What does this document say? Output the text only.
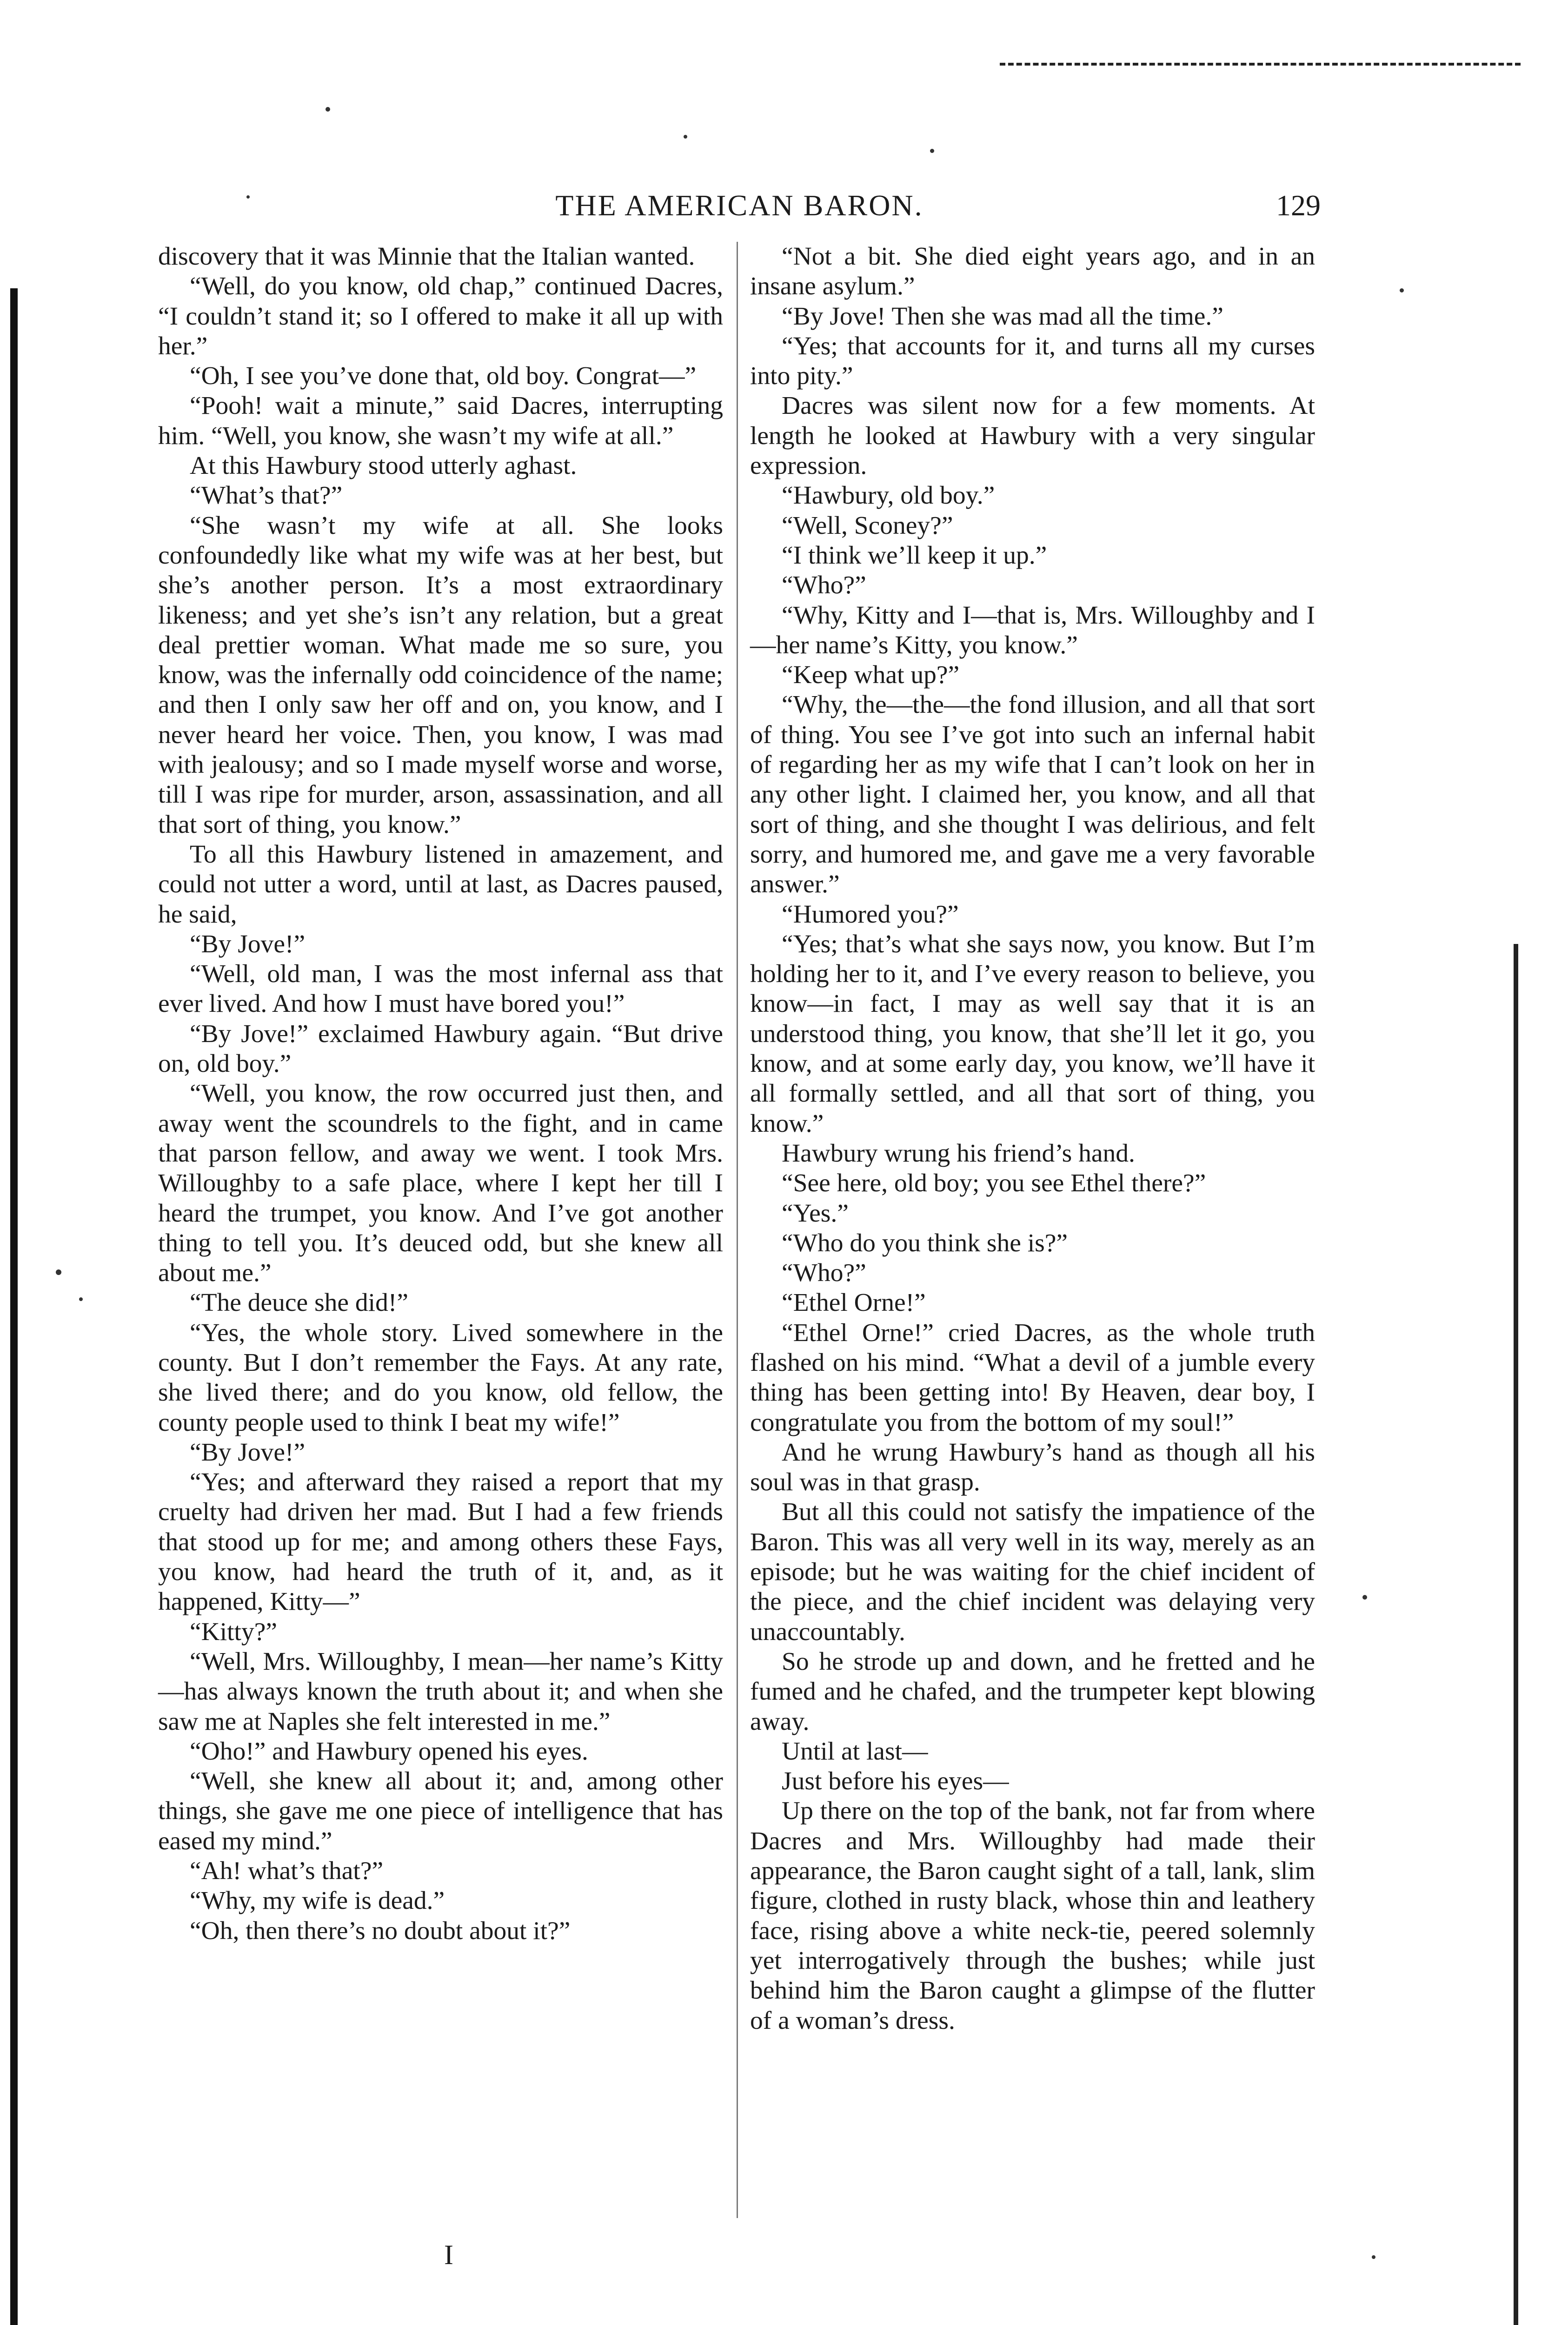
THE AMERICAN BARON.	129

discovery that it was Minnie that the Italian wanted.

“Well, do you know, old chap,” continued Dacres, “I couldn’t stand it; so I offered to make it all up with her.”

“Oh, I see you’ve done that, old boy. Congrat—”

“Pooh! wait a minute,” said Dacres, interrupting him. “Well, you know, she wasn’t my wife at all.”

At this Hawbury stood utterly aghast.

“What’s that?”

“She wasn’t my wife at all. She looks confoundedly like what my wife was at her best, but she’s another person. It’s a most extraordinary likeness; and yet she’s isn’t any relation, but a great deal prettier woman. What made me so sure, you know, was the infernally odd coincidence of the name; and then I only saw her off and on, you know, and I never heard her voice. Then, you know, I was mad with jealousy; and so I made myself worse and worse, till I was ripe for murder, arson, assassination, and all that sort of thing, you know.”

To all this Hawbury listened in amazement, and could not utter a word, until at last, as Dacres paused, he said,

“By Jove!”

“Well, old man, I was the most infernal ass that ever lived. And how I must have bored you!”

“By Jove!” exclaimed Hawbury again. “But drive on, old boy.”

“Well, you know, the row occurred just then, and away went the scoundrels to the fight, and in came that parson fellow, and away we went. I took Mrs. Willoughby to a safe place, where I kept her till I heard the trumpet, you know. And I’ve got another thing to tell you. It’s deuced odd, but she knew all about me.”

“The deuce she did!”

“Yes, the whole story. Lived somewhere in the county. But I don’t remember the Fays. At any rate, she lived there; and do you know, old fellow, the county people used to think I beat my wife!”

“By Jove!”

“Yes; and afterward they raised a report that my cruelty had driven her mad. But I had a few friends that stood up for me; and among others these Fays, you know, had heard the truth of it, and, as it happened, Kitty—”

“Kitty?”

“Well, Mrs. Willoughby, I mean—her name’s Kitty—has always known the truth about it; and when she saw me at Naples she felt interested in me.”

“Oho!” and Hawbury opened his eyes.

“Well, she knew all about it; and, among other things, she gave me one piece of intelligence that has eased my mind.”

“Ah! what’s that?”

“Why, my wife is dead.”

“Oh, then there’s no doubt about it?”

“Not a bit. She died eight years ago, and in an insane asylum.”

“By Jove! Then she was mad all the time.”

“Yes; that accounts for it, and turns all my curses into pity.”

Dacres was silent now for a few moments. At length he looked at Hawbury with a very singular expression.

“Hawbury, old boy.”

“Well, Sconey?”

“I think we’ll keep it up.”

“Who?”

“Why, Kitty and I—that is, Mrs. Willoughby and I—her name’s Kitty, you know.”

“Keep what up?”

“Why, the—the—the fond illusion, and all that sort of thing. You see I’ve got into such an infernal habit of regarding her as my wife that I can’t look on her in any other light. I claimed her, you know, and all that sort of thing, and she thought I was delirious, and felt sorry, and humored me, and gave me a very favorable answer.”

“Humored you?”

“Yes; that’s what she says now, you know. But I’m holding her to it, and I’ve every reason to believe, you know—in fact, I may as well say that it is an understood thing, you know, that she’ll let it go, you know, and at some early day, you know, we’ll have it all formally settled, and all that sort of thing, you know.”

Hawbury wrung his friend’s hand.

“See here, old boy; you see Ethel there?”

“Yes.”

“Who do you think she is?”

“Who?”

“Ethel Orne!”

“Ethel Orne!” cried Dacres, as the whole truth flashed on his mind. “What a devil of a jumble every thing has been getting into! By Heaven, dear boy, I congratulate you from the bottom of my soul!”

And he wrung Hawbury’s hand as though all his soul was in that grasp.

But all this could not satisfy the impatience of the Baron. This was all very well in its way, merely as an episode; but he was waiting for the chief incident of the piece, and the chief incident was delaying very unaccountably.

So he strode up and down, and he fretted and he fumed and he chafed, and the trumpeter kept blowing away.

Until at last—

Just before his eyes—

Up there on the top of the bank, not far from where Dacres and Mrs. Willoughby had made their appearance, the Baron caught sight of a tall, lank, slim figure, clothed in rusty black, whose thin and leathery face, rising above a white neck-tie, peered solemnly yet interrogatively through the bushes; while just behind him the Baron caught a glimpse of the flutter of a woman’s dress.

I
